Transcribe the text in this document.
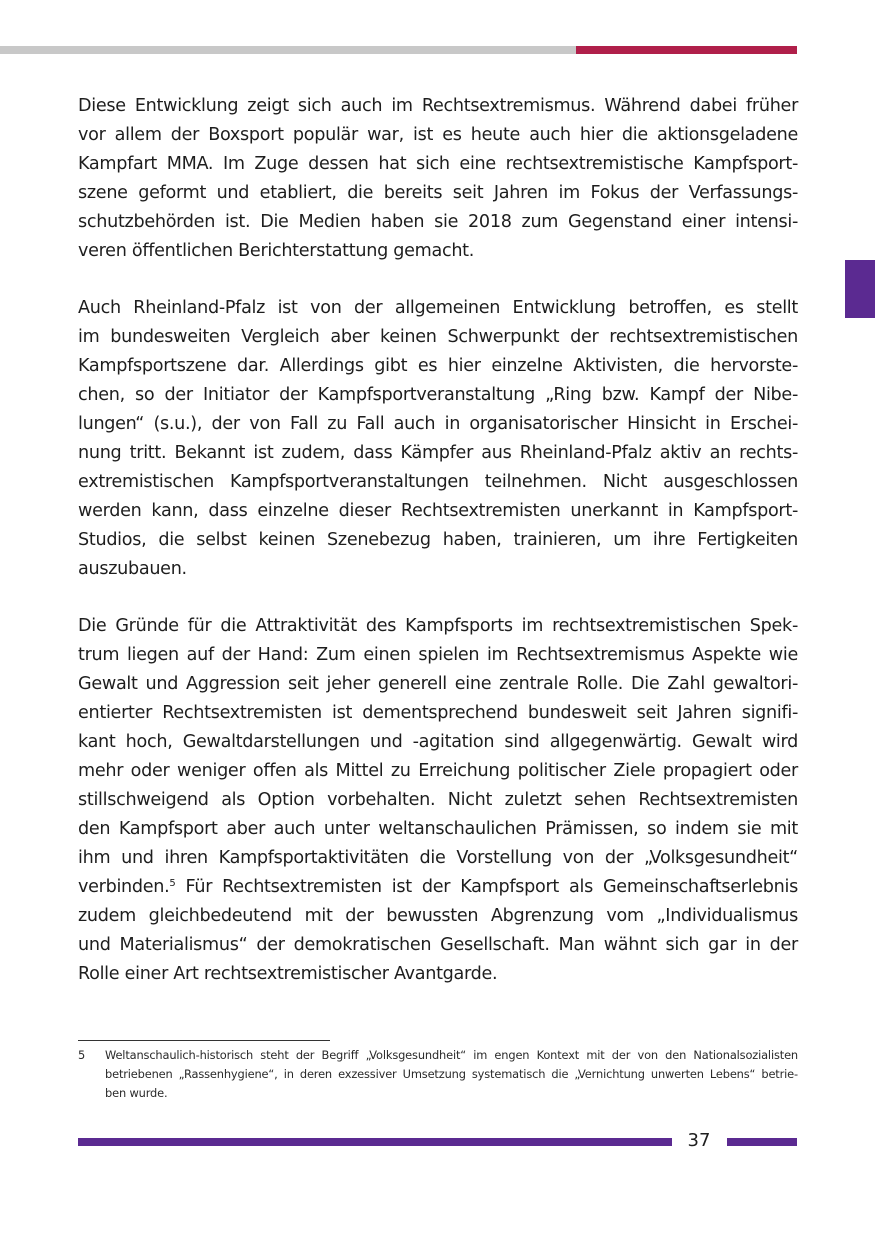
Diese Entwicklung zeigt sich auch im Rechtsextremismus. Während dabei früher
vor allem der Boxsport populär war, ist es heute auch hier die aktionsgeladene
Kampfart MMA. Im Zuge dessen hat sich eine rechtsextremistische Kampfsport-
szene geformt und etabliert, die bereits seit Jahren im Fokus der Verfassungs-
schutzbehörden ist. Die Medien haben sie 2018 zum Gegenstand einer intensi-
veren öffentlichen Berichterstattung gemacht.

Auch Rheinland-Pfalz ist von der allgemeinen Entwicklung betroffen, es stellt
im bundesweiten Vergleich aber keinen Schwerpunkt der rechtsextremistischen
Kampfsportszene dar. Allerdings gibt es hier einzelne Aktivisten, die hervorste-
chen, so der Initiator der Kampfsportveranstaltung „Ring bzw. Kampf der Nibe-
lungen“ (s.u.), der von Fall zu Fall auch in organisatorischer Hinsicht in Erschei-
nung tritt. Bekannt ist zudem, dass Kämpfer aus Rheinland-Pfalz aktiv an rechts-
extremistischen Kampfsportveranstaltungen teilnehmen. Nicht ausgeschlossen
werden kann, dass einzelne dieser Rechtsextremisten unerkannt in Kampfsport-
Studios, die selbst keinen Szenebezug haben, trainieren, um ihre Fertigkeiten
auszubauen.

Die Gründe für die Attraktivität des Kampfsports im rechtsextremistischen Spek-
trum liegen auf der Hand: Zum einen spielen im Rechtsextremismus Aspekte wie
Gewalt und Aggression seit jeher generell eine zentrale Rolle. Die Zahl gewaltori-
entierter Rechtsextremisten ist dementsprechend bundesweit seit Jahren signifi-
kant hoch, Gewaltdarstellungen und -agitation sind allgegenwärtig. Gewalt wird
mehr oder weniger offen als Mittel zu Erreichung politischer Ziele propagiert oder
stillschweigend als Option vorbehalten. Nicht zuletzt sehen Rechtsextremisten
den Kampfsport aber auch unter weltanschaulichen Prämissen, so indem sie mit
ihm und ihren Kampfsportaktivitäten die Vorstellung von der „Volksgesundheit“
verbinden.$^5$ Für Rechtsextremisten ist der Kampfsport als Gemeinschaftserlebnis
zudem gleichbedeutend mit der bewussten Abgrenzung vom „Individualismus
und Materialismus“ der demokratischen Gesellschaft. Man wähnt sich gar in der
Rolle einer Art rechtsextremistischer Avantgarde.

5 Weltanschaulich-historisch steht der Begriff „Volksgesundheit“ im engen Kontext mit der von den Nationalsozialisten
betriebenen „Rassenhygiene“, in deren exzessiver Umsetzung systematisch die „Vernichtung unwerten Lebens“ betrie-
ben wurde.
37
